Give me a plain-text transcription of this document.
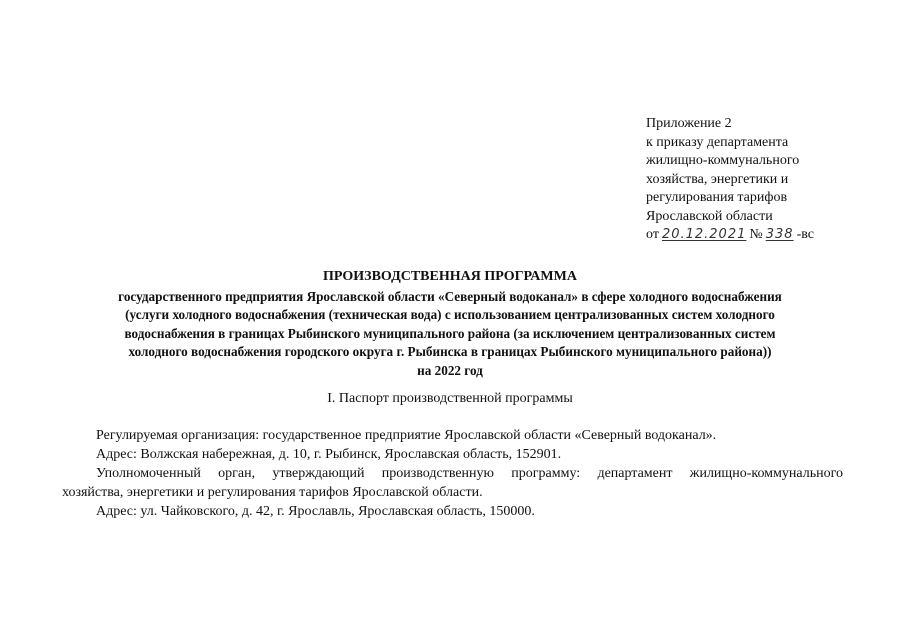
Приложение 2
к приказу департамента
жилищно-коммунального
хозяйства, энергетики и
регулирования тарифов
Ярославской области
от 20.12.2021 № 338 -вс
ПРОИЗВОДСТВЕННАЯ ПРОГРАММА
государственного предприятия Ярославской области «Северный водоканал» в сфере холодного водоснабжения
(услуги холодного водоснабжения (техническая вода) с использованием централизованных систем холодного
водоснабжения в границах Рыбинского муниципального района (за исключением централизованных систем
холодного водоснабжения городского округа г. Рыбинска в границах Рыбинского муниципального района))
на 2022 год
I. Паспорт производственной программы
Регулируемая организация: государственное предприятие Ярославской области «Северный водоканал».
Адрес: Волжская набережная, д. 10, г. Рыбинск, Ярославская область, 152901.
Уполномоченный орган, утверждающий производственную программу: департамент жилищно-коммунального
хозяйства, энергетики и регулирования тарифов Ярославской области.
Адрес: ул. Чайковского, д. 42, г. Ярославль, Ярославская область, 150000.
